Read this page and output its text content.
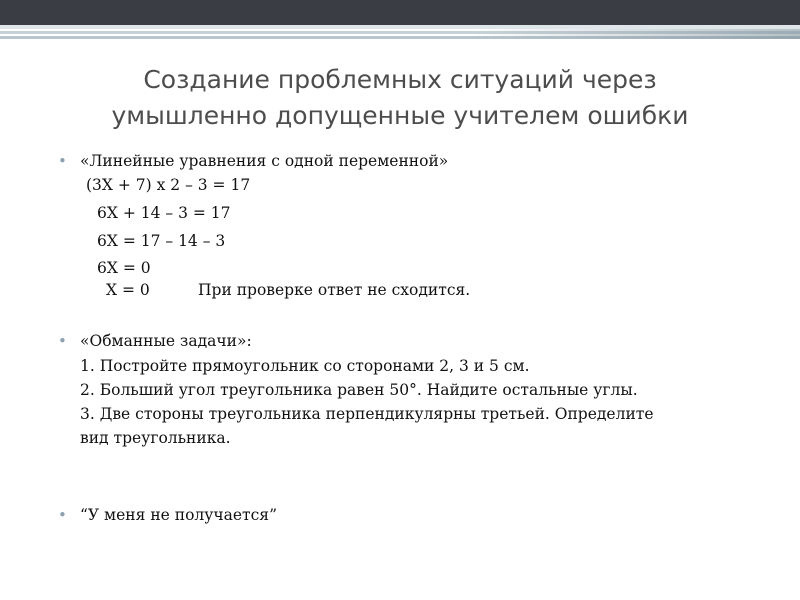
Создание проблемных ситуаций через
умышленно допущенные учителем ошибки
• «Линейные уравнения с одной переменной»
(3X + 7) x 2 – 3 = 17
6X + 14 – 3 = 17
6X = 17 – 14 – 3
6X = 0
X = 0	При проверке ответ не сходится.
• «Обманные задачи»:
1. Постройте прямоугольник со сторонами 2, 3 и 5 см.
2. Больший угол треугольника равен 50°. Найдите остальные углы.
3. Две стороны треугольника перпендикулярны третьей. Определите
вид треугольника.
• “У меня не получается”
